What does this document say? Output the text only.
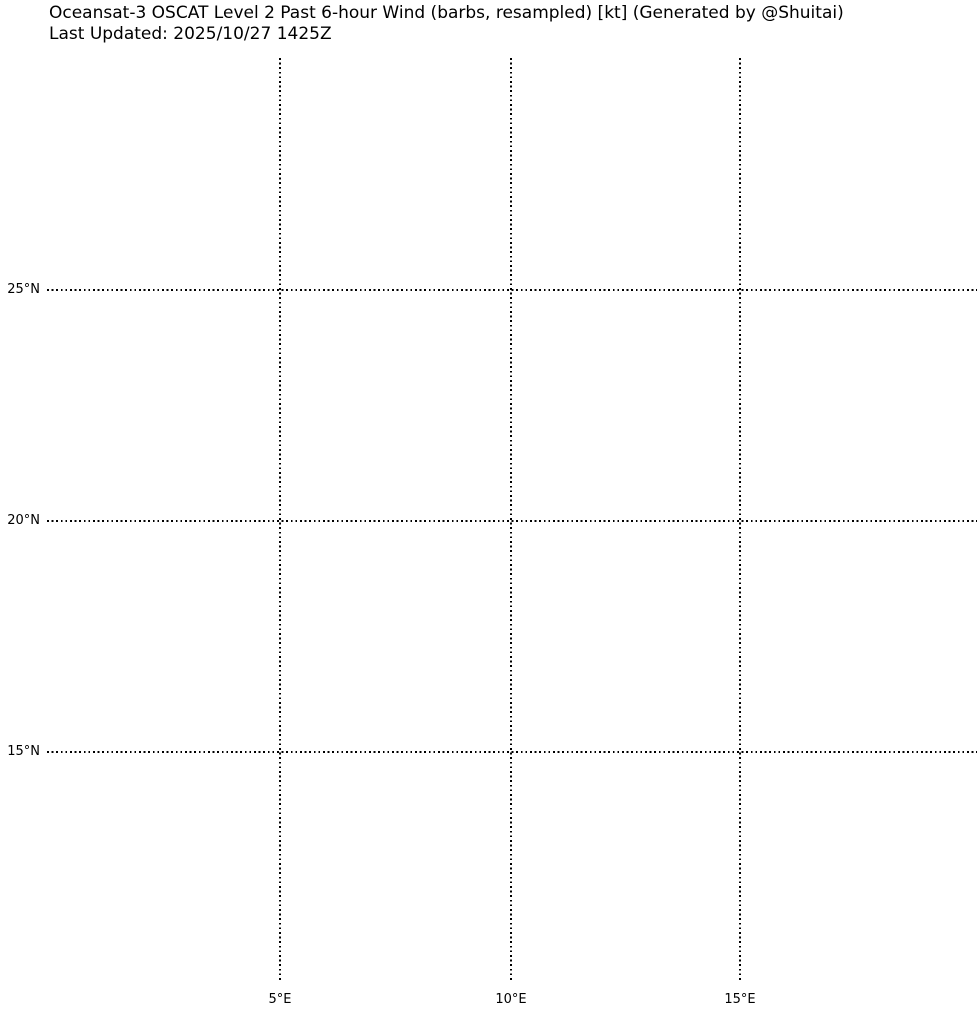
Oceansat-3 OSCAT Level 2 Past 6-hour Wind (barbs, resampled) [kt] (Generated by @Shuitai)
Last Updated: 2025/10/27 1425Z
25°N
20°N
15°N
5°E	10°E	15°E
